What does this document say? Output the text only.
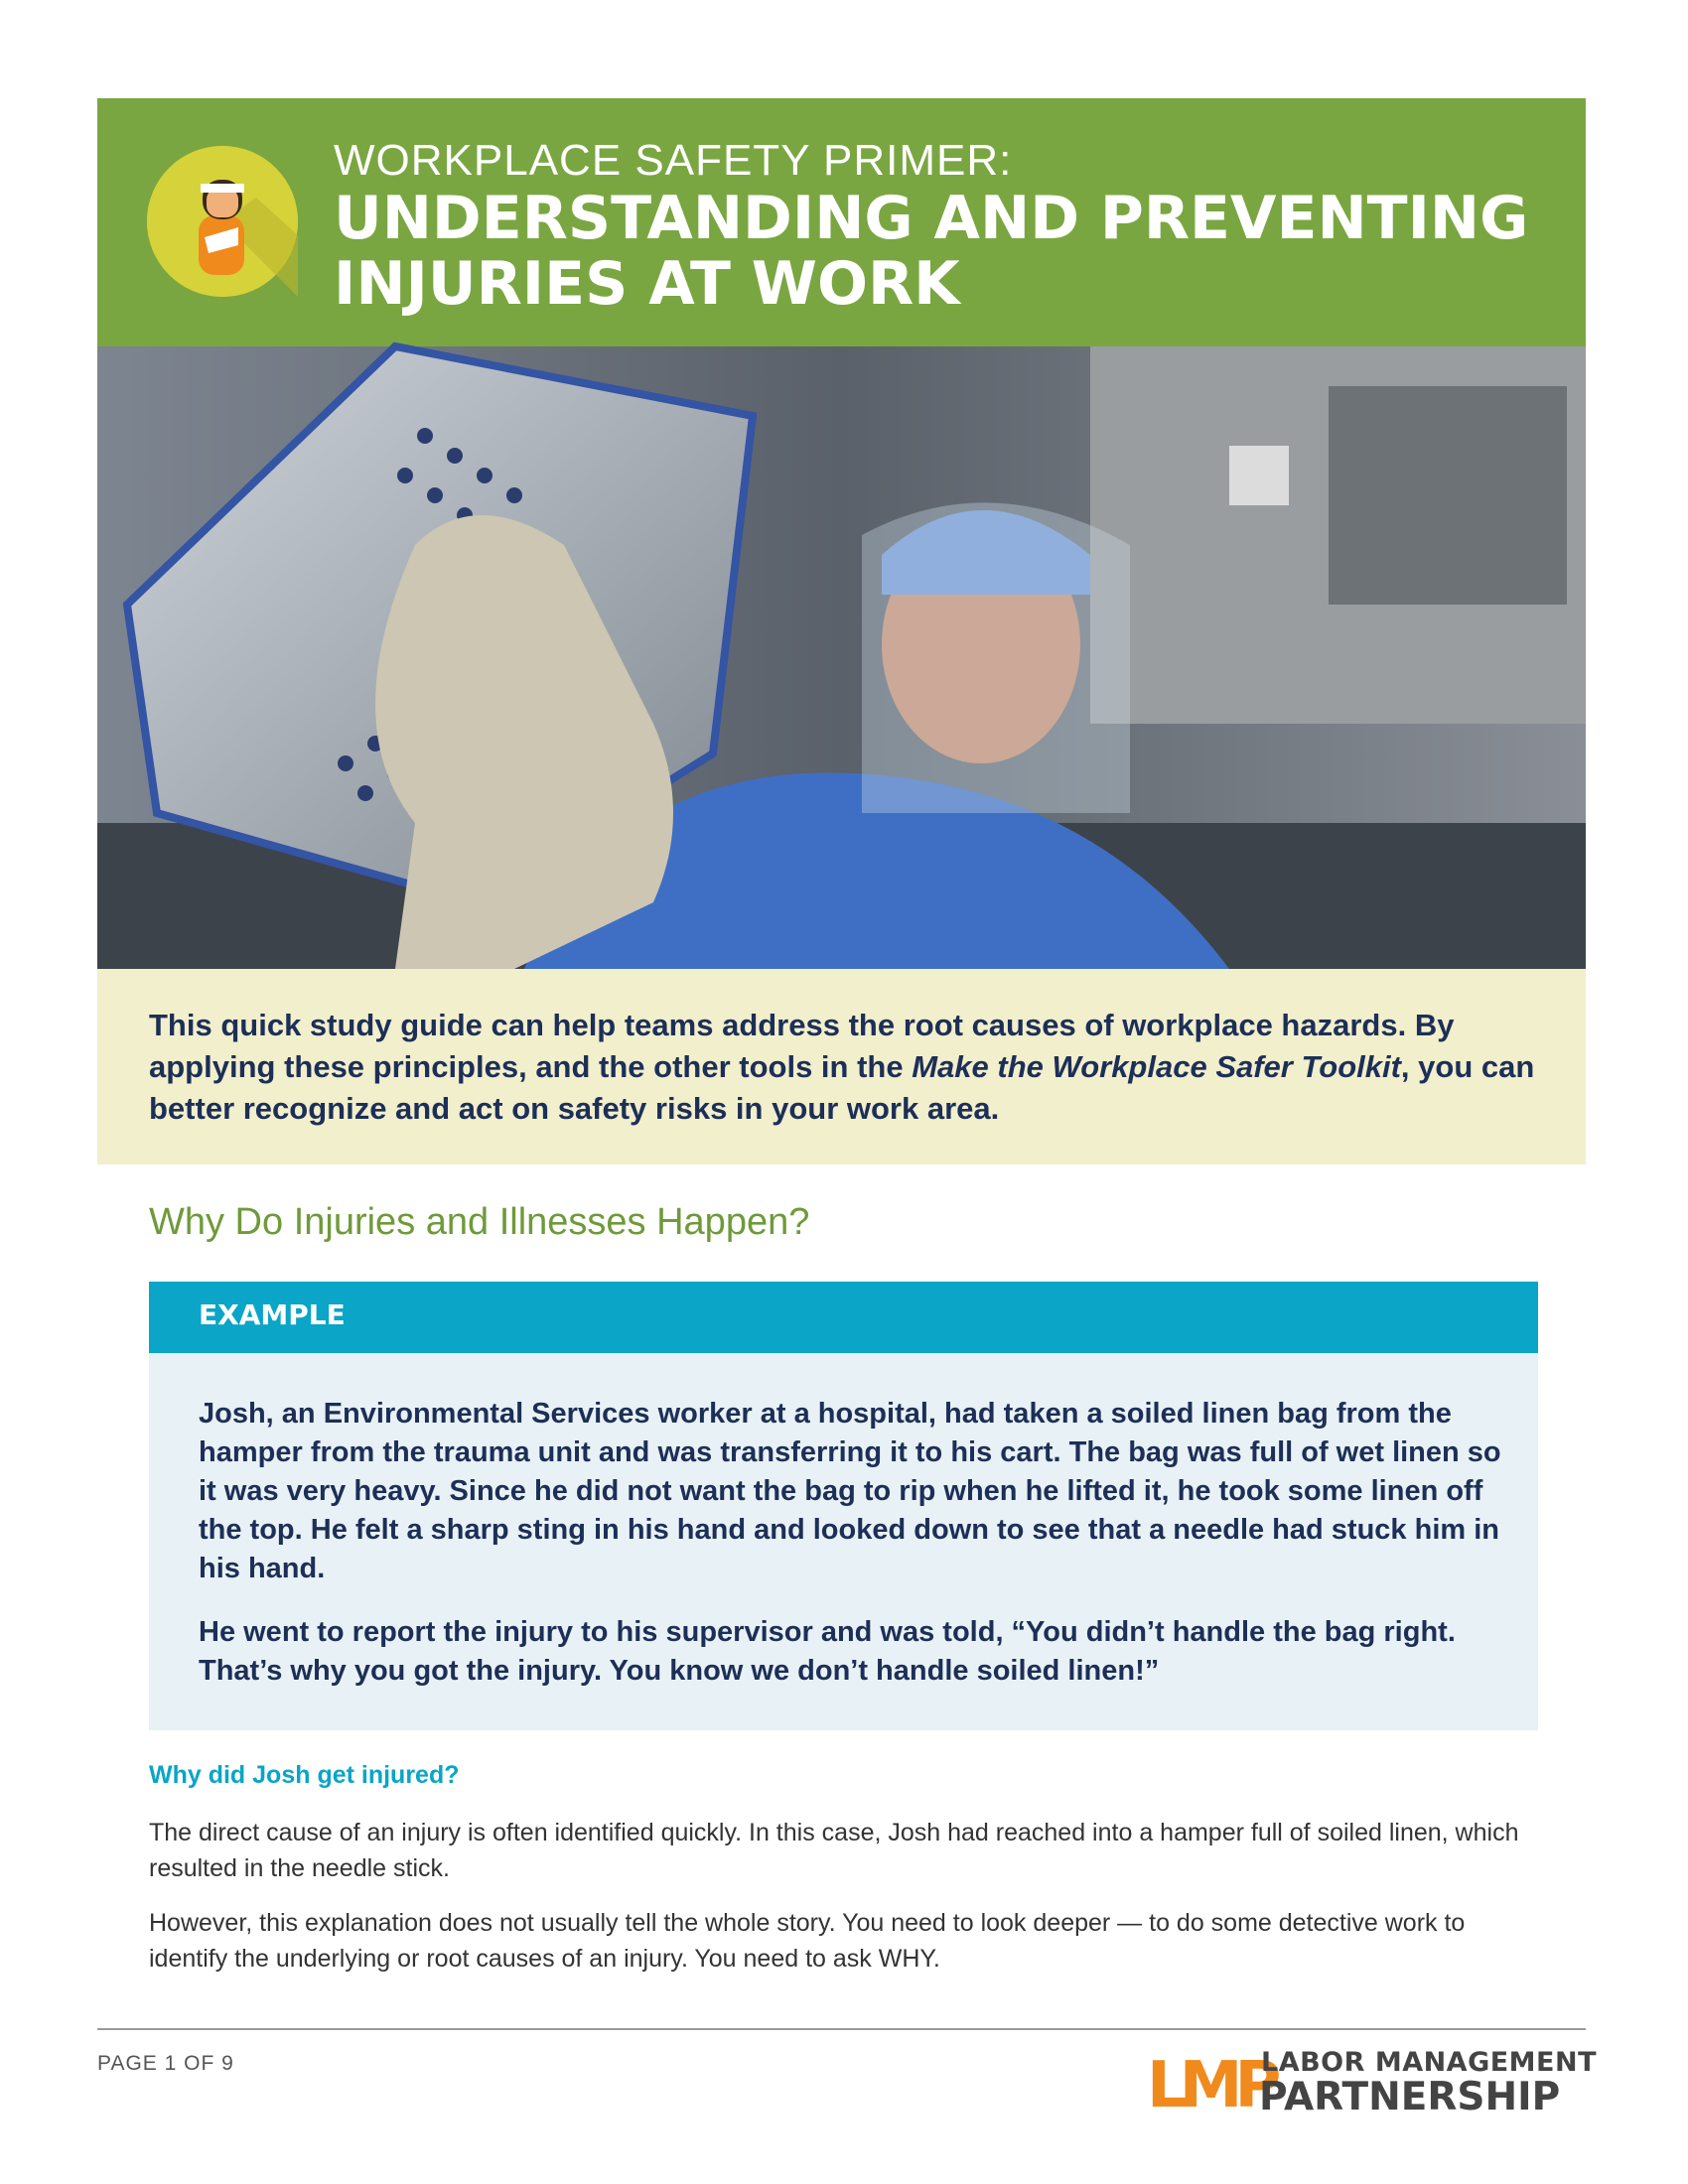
WORKPLACE SAFETY PRIMER:
UNDERSTANDING AND PREVENTING INJURIES AT WORK

This quick study guide can help teams address the root causes of workplace hazards. By applying these principles, and the other tools in the Make the Workplace Safer Toolkit, you can better recognize and act on safety risks in your work area.

Why Do Injuries and Illnesses Happen?
EXAMPLE

Josh, an Environmental Services worker at a hospital, had taken a soiled linen bag from the hamper from the trauma unit and was transferring it to his cart. The bag was full of wet linen so it was very heavy. Since he did not want the bag to rip when he lifted it, he took some linen off the top. He felt a sharp sting in his hand and looked down to see that a needle had stuck him in his hand.

He went to report the injury to his supervisor and was told, “You didn’t handle the bag right. That’s why you got the injury. You know we don’t handle soiled linen!”

Why did Josh get injured?

The direct cause of an injury is often identified quickly. In this case, Josh had reached into a hamper full of soiled linen, which resulted in the needle stick.

However, this explanation does not usually tell the whole story. You need to look deeper — to do some detective work to identify the underlying or root causes of an injury. You need to ask WHY.

PAGE 1 OF 9	LMP
LABOR MANAGEMENT
PARTNERSHIP
